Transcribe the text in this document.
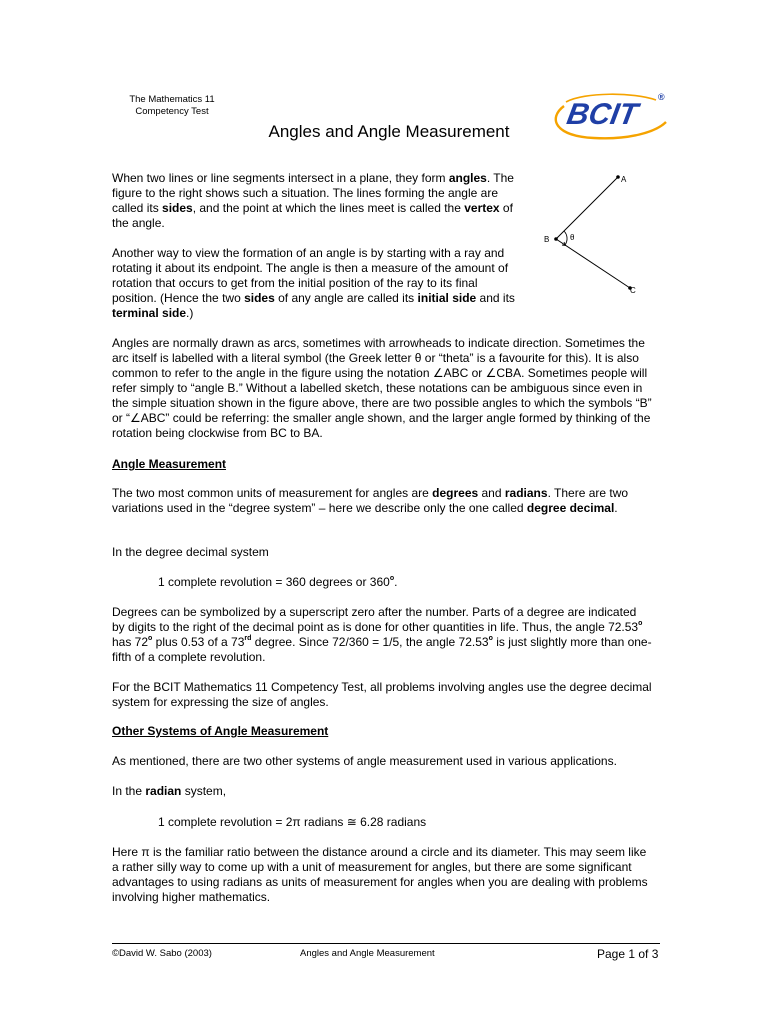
The Mathematics 11
Competency Test	BCIT
®
Angles and Angle Measurement

When two lines or line segments intersect in a plane, they form angles. The figure to the right shows such a situation. The lines forming the angle are called its sides, and the point at which the lines meet is called the vertex of the angle.

Another way to view the formation of an angle is by starting with a ray and rotating it about its endpoint. The angle is then a measure of the amount of rotation that occurs to get from the initial position of the ray to its final position. (Hence the two sides of any angle are called its initial side and its terminal side.)

A
B
C
θ

Angles are normally drawn as arcs, sometimes with arrowheads to indicate direction. Sometimes the arc itself is labelled with a literal symbol (the Greek letter θ or “theta” is a favourite for this). It is also common to refer to the angle in the figure using the notation ∠ABC or ∠CBA. Sometimes people will refer simply to “angle B.” Without a labelled sketch, these notations can be ambiguous since even in the simple situation shown in the figure above, there are two possible angles to which the symbols “B” or “∠ABC” could be referring: the smaller angle shown, and the larger angle formed by thinking of the rotation being clockwise from BC to BA.

Angle Measurement

The two most common units of measurement for angles are degrees and radians. There are two variations used in the “degree system” – here we describe only the one called degree decimal.

In the degree decimal system

1 complete revolution = 360 degrees or 360$^o$.

Degrees can be symbolized by a superscript zero after the number. Parts of a degree are indicated by digits to the right of the decimal point as is done for other quantities in life. Thus, the angle 72.53$^o$ has 72$^o$ plus 0.53 of a 73rd degree. Since 72/360 = 1/5, the angle 72.53$^o$ is just slightly more than one-fifth of a complete revolution.

For the BCIT Mathematics 11 Competency Test, all problems involving angles use the degree decimal system for expressing the size of angles.

Other Systems of Angle Measurement

As mentioned, there are two other systems of angle measurement used in various applications.

In the radian system,

1 complete revolution = 2π radians ≅ 6.28 radians

Here π is the familiar ratio between the distance around a circle and its diameter. This may seem like a rather silly way to come up with a unit of measurement for angles, but there are some significant advantages to using radians as units of measurement for angles when you are dealing with problems involving higher mathematics.

©David W. Sabo (2003)	Angles and Angle Measurement	Page 1 of 3
